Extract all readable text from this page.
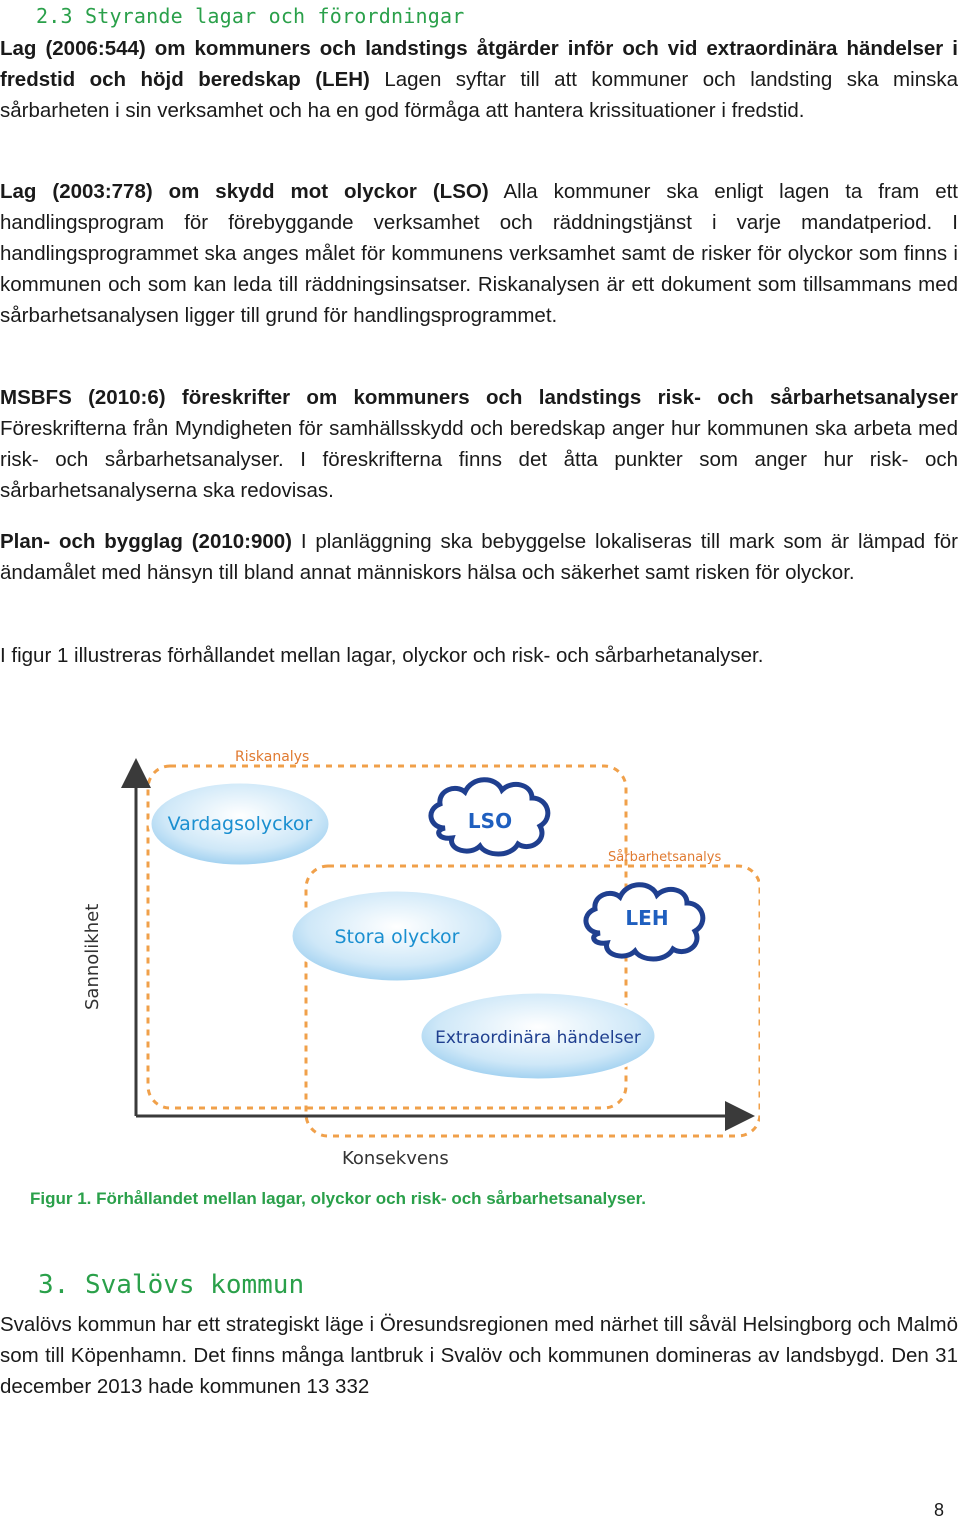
2.3 Styrande lagar och förordningar

Lag (2006:544) om kommuners och landstings åtgärder inför och vid extraordinära händelser i fredstid och höjd beredskap (LEH) Lagen syftar till att kommuner och landsting ska minska sårbarheten i sin verksamhet och ha en god förmåga att hantera krissituationer i fredstid.

Lag (2003:778) om skydd mot olyckor (LSO) Alla kommuner ska enligt lagen ta fram ett handlingsprogram för förebyggande verksamhet och räddningstjänst i varje mandatperiod. I handlingsprogrammet ska anges målet för kommunens verksamhet samt de risker för olyckor som finns i kommunen och som kan leda till räddningsinsatser. Riskanalysen är ett dokument som tillsammans med sårbarhetsanalysen ligger till grund för handlingsprogrammet.

MSBFS (2010:6) föreskrifter om kommuners och landstings risk- och sårbarhetsanalyser Föreskrifterna från Myndigheten för samhällsskydd och beredskap anger hur kommunen ska arbeta med risk- och sårbarhetsanalyser. I föreskrifterna finns det åtta punkter som anger hur risk- och sårbarhetsanalyserna ska redovisas.

Plan- och bygglag (2010:900) I planläggning ska bebyggelse lokaliseras till mark som är lämpad för ändamålet med hänsyn till bland annat människors hälsa och säkerhet samt risken för olyckor.

I figur 1 illustreras förhållandet mellan lagar, olyckor och risk- och sårbarhetanalyser.

Riskanalys
Sårbarhetsanalys
Sannolikhet
Konsekvens
Vardagsolyckor
Stora olyckor
Extraordinära händelser
LSO
LEH
Figur 1. Förhållandet mellan lagar, olyckor och risk- och sårbarhetsanalyser.
3. Svalövs kommun

Svalövs kommun har ett strategiskt läge i Öresundsregionen med närhet till såväl Helsingborg och Malmö som till Köpenhamn. Det finns många lantbruk i Svalöv och kommunen domineras av landsbygd. Den 31 december 2013 hade kommunen 13 332

8
